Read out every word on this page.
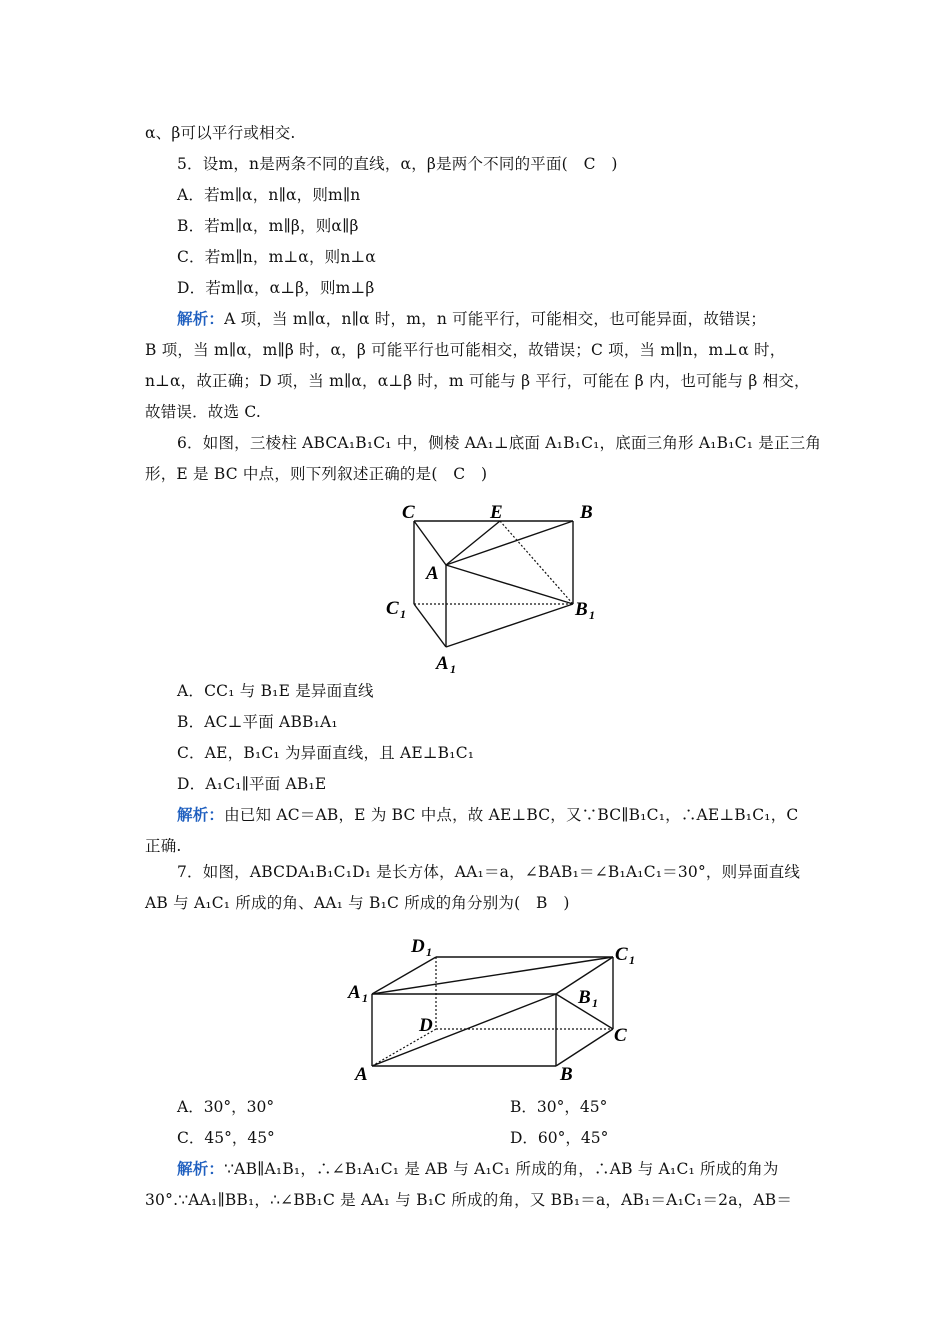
α、β可以平行或相交.
5．设m，n是两条不同的直线，α，β是两个不同的平面(　C　)
A．若m∥α，n∥α，则m∥n
B．若m∥α，m∥β，则α∥β
C．若m∥n，m⊥α，则n⊥α
D．若m∥α，α⊥β，则m⊥β
解析：A 项，当 m∥α，n∥α 时，m，n 可能平行，可能相交，也可能异面，故错误；
B 项，当 m∥α，m∥β 时，α，β 可能平行也可能相交，故错误；C 项，当 m∥n，m⊥α 时，
n⊥α，故正确；D 项，当 m∥α，α⊥β 时，m 可能与 β 平行，可能在 β 内，也可能与 β 相交，
故错误．故选 C.
6．如图，三棱柱 ABCA₁B₁C₁ 中，侧棱 AA₁⊥底面 A₁B₁C₁，底面三角形 A₁B₁C₁ 是正三角
形，E 是 BC 中点，则下列叙述正确的是(　C　)
C	E	B
A
C 1	B 1
A 1
A．CC₁ 与 B₁E 是异面直线
B．AC⊥平面 ABB₁A₁
C．AE，B₁C₁ 为异面直线，且 AE⊥B₁C₁
D．A₁C₁∥平面 AB₁E
解析：由已知 AC＝AB，E 为 BC 中点，故 AE⊥BC，又∵BC∥B₁C₁，∴AE⊥B₁C₁，C
正确.
7．如图，ABCDA₁B₁C₁D₁ 是长方体，AA₁＝a，∠BAB₁＝∠B₁A₁C₁＝30°，则异面直线
AB 与 A₁C₁ 所成的角、AA₁ 与 B₁C 所成的角分别为(　B　)
D 1	C 1
A 1	B 1
D	C
A	B
A．30°，30°	B．30°，45°
C．45°，45°	D．60°，45°
解析：∵AB∥A₁B₁，∴∠B₁A₁C₁ 是 AB 与 A₁C₁ 所成的角，∴AB 与 A₁C₁ 所成的角为
30°.∵AA₁∥BB₁，∴∠BB₁C 是 AA₁ 与 B₁C 所成的角，又 BB₁＝a，AB₁＝A₁C₁＝2a，AB＝
